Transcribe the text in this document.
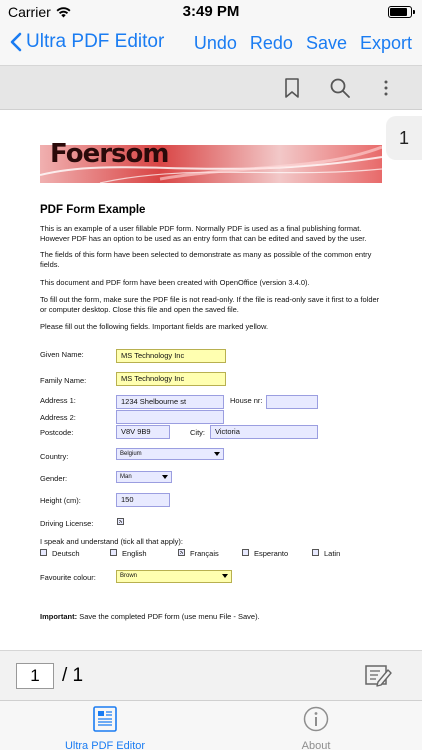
Carrier	3:49 PM
Ultra PDF Editor Undo Redo Save Export
1
Foersom
PDF Form Example
This is an example of a user fillable PDF form. Normally PDF is used as a final publishing format. However PDF has an option to be used as an entry form that can be edited and saved by the user.
The fields of this form have been selected to demonstrate as many as possible of the common entry fields.
This document and PDF form have been created with OpenOffice (version 3.4.0).
To fill out the form, make sure the PDF file is not read-only. If the file is read-only save it first to a folder or computer desktop. Close this file and open the saved file.
Please fill out the following fields. Important fields are marked yellow.
Given Name:	MS Technology Inc
Family Name:	MS Technology Inc
Address 1:	1234 Shelbourne st	House nr:
Address 2:
Postcode:	V8V 9B9	City:	Victoria
Country:	Belgium
Gender:	Man
Height (cm):	150
Driving License:
I speak and understand (tick all that apply):
Deutsch	English	Français	Esperanto	Latin
Favourite colour:	Brown
Important: Save the completed PDF form (use menu File - Save).
1	/ 1
Ultra PDF Editor	About
